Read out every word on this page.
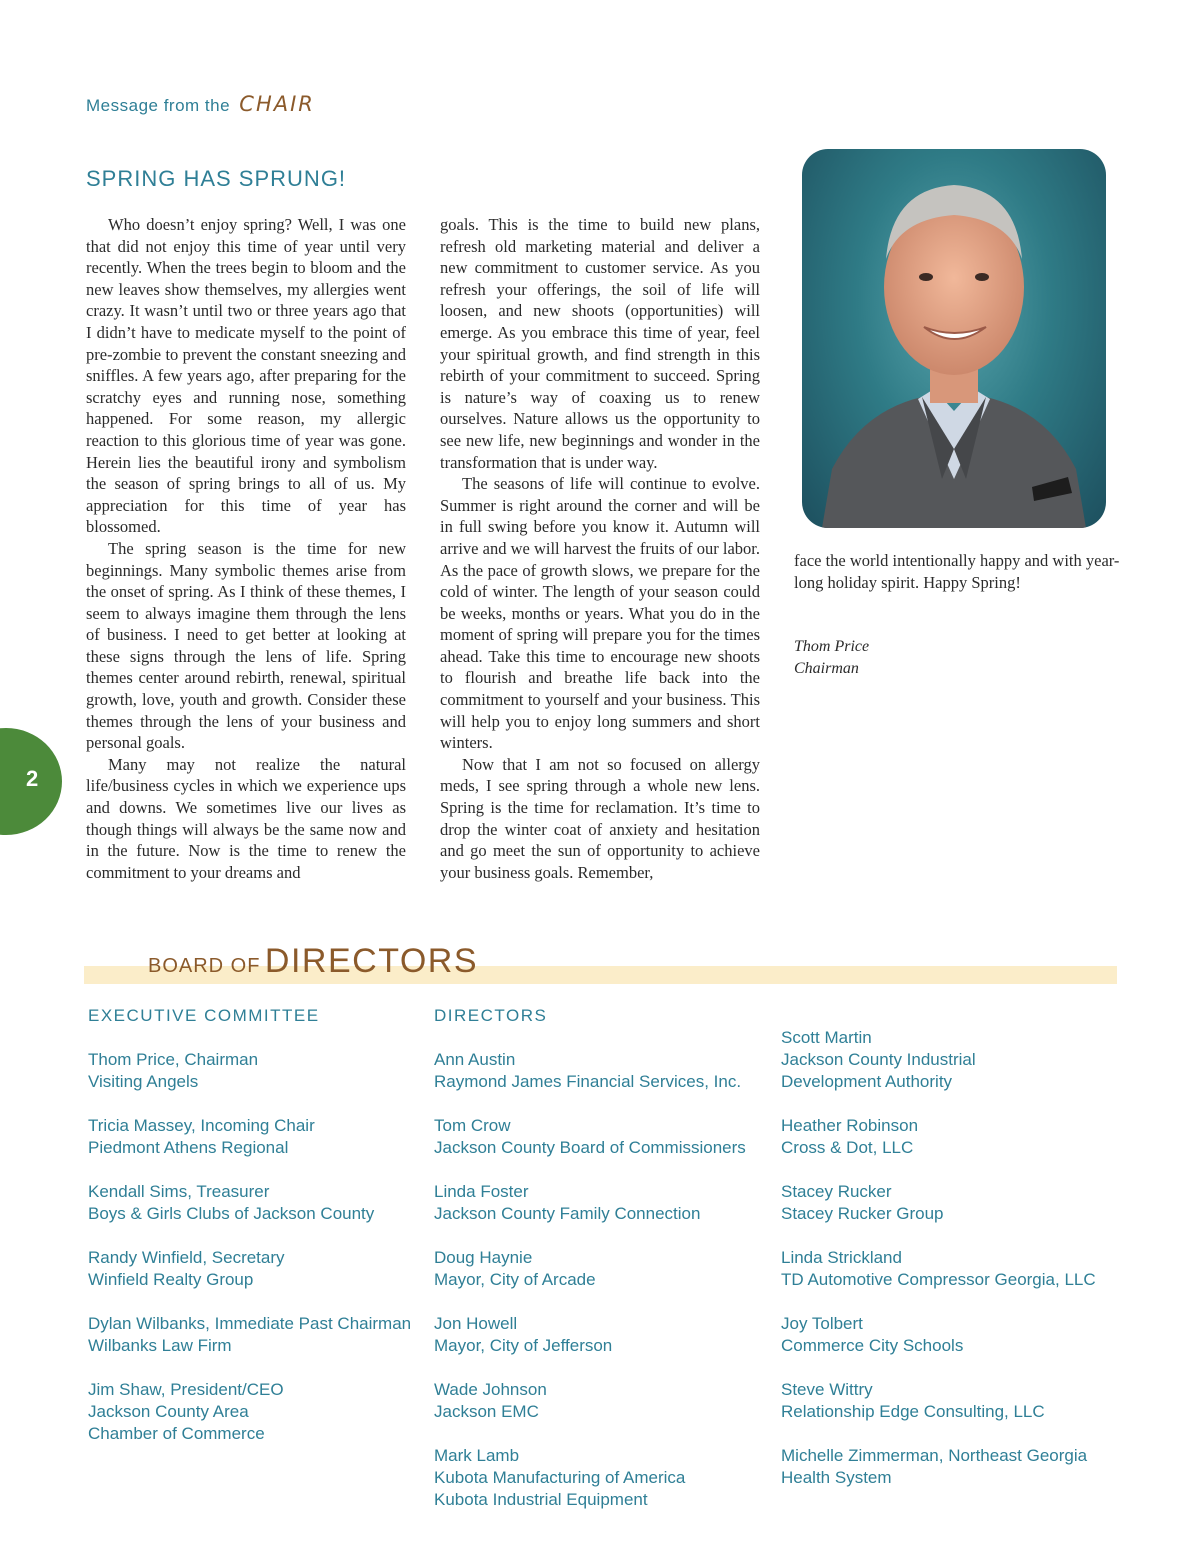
Message from the CHAIR
SPRING HAS SPRUNG!

Who doesn’t enjoy spring? Well, I was one that did not enjoy this time of year until very recently. When the trees begin to bloom and the new leaves show themselves, my allergies went crazy. It wasn’t until two or three years ago that I didn’t have to medicate myself to the point of pre-zombie to prevent the constant sneezing and sniffles. A few years ago, after preparing for the scratchy eyes and running nose, something happened. For some reason, my allergic reaction to this glorious time of year was gone. Herein lies the beautiful irony and symbolism the season of spring brings to all of us. My appreciation for this time of year has blossomed.

The spring season is the time for new beginnings. Many symbolic themes arise from the onset of spring. As I think of these themes, I seem to always imagine them through the lens of business. I need to get better at looking at these signs through the lens of life. Spring themes center around rebirth, renewal, spiritual growth, love, youth and growth. Consider these themes through the lens of your business and personal goals.

Many may not realize the natural life/business cycles in which we experience ups and downs. We sometimes live our lives as though things will always be the same now and in the future. Now is the time to renew the commitment to your dreams and

goals. This is the time to build new plans, refresh old marketing material and deliver a new commitment to customer service. As you refresh your offerings, the soil of life will loosen, and new shoots (opportunities) will emerge. As you embrace this time of year, feel your spiritual growth, and find strength in this rebirth of your commitment to succeed. Spring is nature’s way of coaxing us to renew ourselves. Nature allows us the opportunity to see new life, new beginnings and wonder in the transformation that is under way.

The seasons of life will continue to evolve. Summer is right around the corner and will be in full swing before you know it. Autumn will arrive and we will harvest the fruits of our labor. As the pace of growth slows, we prepare for the cold of winter. The length of your season could be weeks, months or years. What you do in the moment of spring will prepare you for the times ahead. Take this time to encourage new shoots to flourish and breathe life back into the commitment to yourself and your business. This will help you to enjoy long summers and short winters.

Now that I am not so focused on allergy meds, I see spring through a whole new lens. Spring is the time for reclamation. It’s time to drop the winter coat of anxiety and hesitation and go meet the sun of opportunity to achieve your business goals. Remember,

face the world intentionally happy and with year-long holiday spirit. Happy Spring!

Thom Price
Chairman
2
BOARD OF DIRECTORS
EXECUTIVE COMMITTEE
Thom Price, Chairman
Visiting Angels
Tricia Massey, Incoming Chair
Piedmont Athens Regional
Kendall Sims, Treasurer
Boys & Girls Clubs of Jackson County
Randy Winfield, Secretary
Winfield Realty Group
Dylan Wilbanks, Immediate Past Chairman
Wilbanks Law Firm
Jim Shaw, President/CEO
Jackson County Area
Chamber of Commerce
DIRECTORS
Ann Austin
Raymond James Financial Services, Inc.
Tom Crow
Jackson County Board of Commissioners
Linda Foster
Jackson County Family Connection
Doug Haynie
Mayor, City of Arcade
Jon Howell
Mayor, City of Jefferson
Wade Johnson
Jackson EMC
Mark Lamb
Kubota Manufacturing of America
Kubota Industrial Equipment
Scott Martin
Jackson County Industrial
Development Authority
Heather Robinson
Cross & Dot, LLC
Stacey Rucker
Stacey Rucker Group
Linda Strickland
TD Automotive Compressor Georgia, LLC
Joy Tolbert
Commerce City Schools
Steve Wittry
Relationship Edge Consulting, LLC
Michelle Zimmerman, Northeast Georgia
Health System
